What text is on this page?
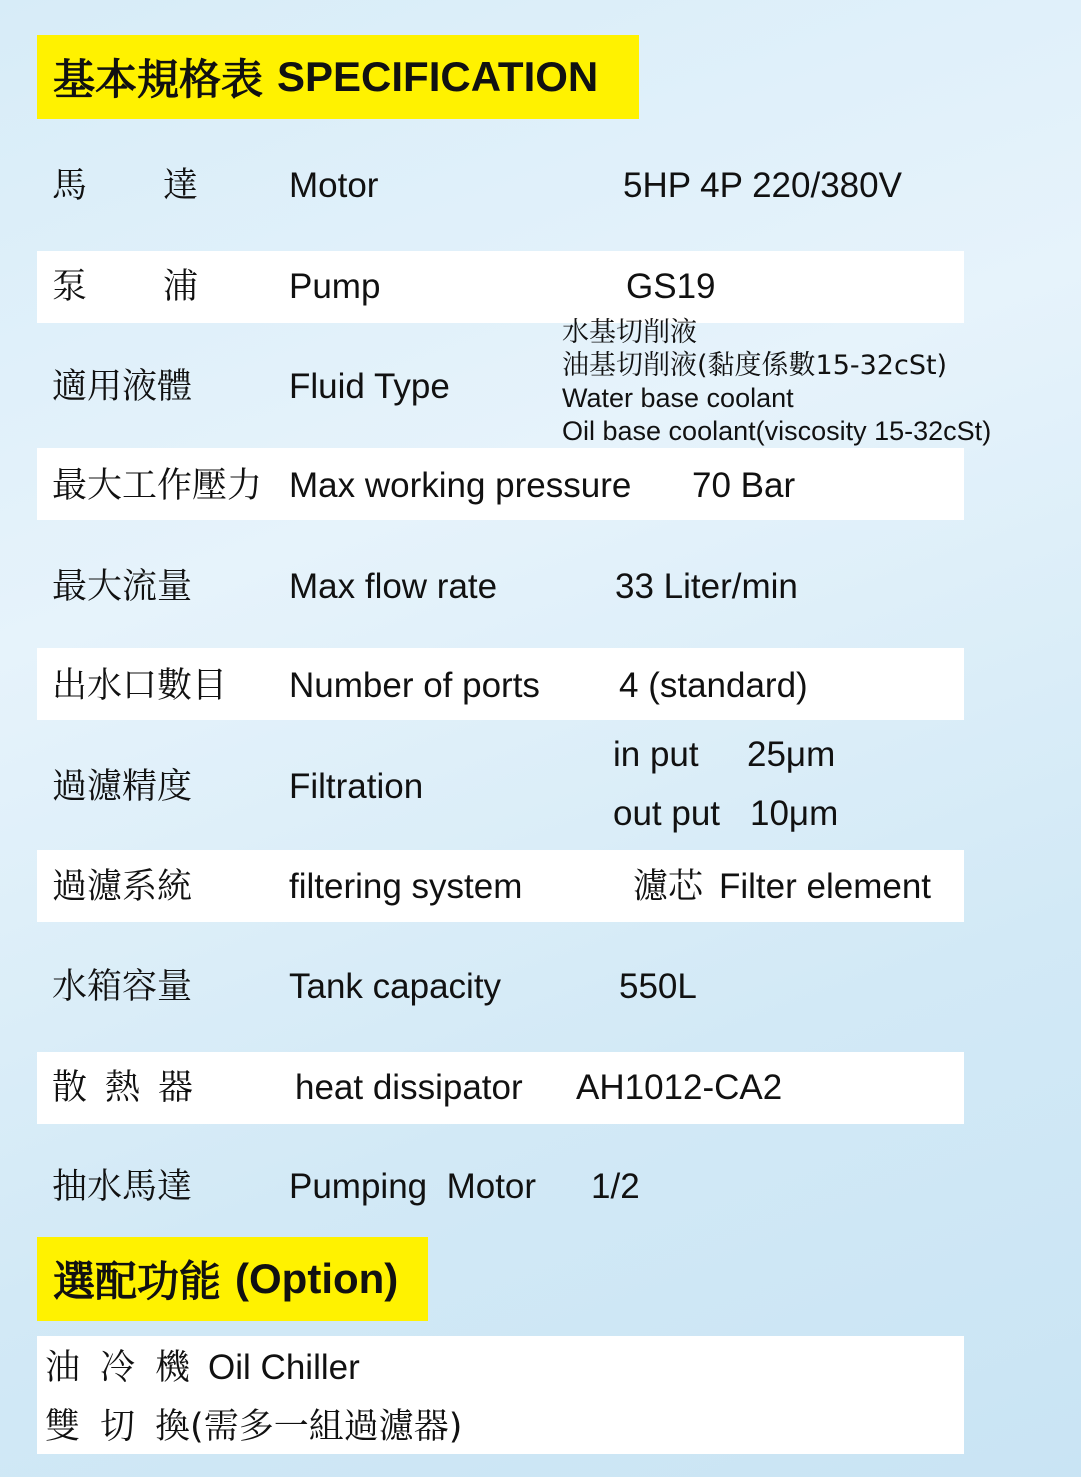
基本規格表 SPECIFICATION
馬 達	Motor	5HP 4P 220/380V
泵 浦	Pump	GS19
適用液體	Fluid Type
水基切削液
油基切削液(黏度係數15-32cSt)
Water base coolant
Oil base coolant(viscosity 15-32cSt)
最大工作壓力 Max working pressure 70 Bar
最大流量	Max flow rate	33 Liter/min
出水口數目 Number of ports 4 (standard)
過濾精度	Filtration
in put 25μm
out put 10μm
過濾系統	filtering system	濾芯 Filter element
水箱容量	Tank capacity	550L
散 熱 器	heat dissipator AH1012-CA2
抽水馬達	Pumping  Motor 1/2
選配功能 (Option)
油 冷 機 Oil Chiller
雙 切 換(需多一組過濾器)
